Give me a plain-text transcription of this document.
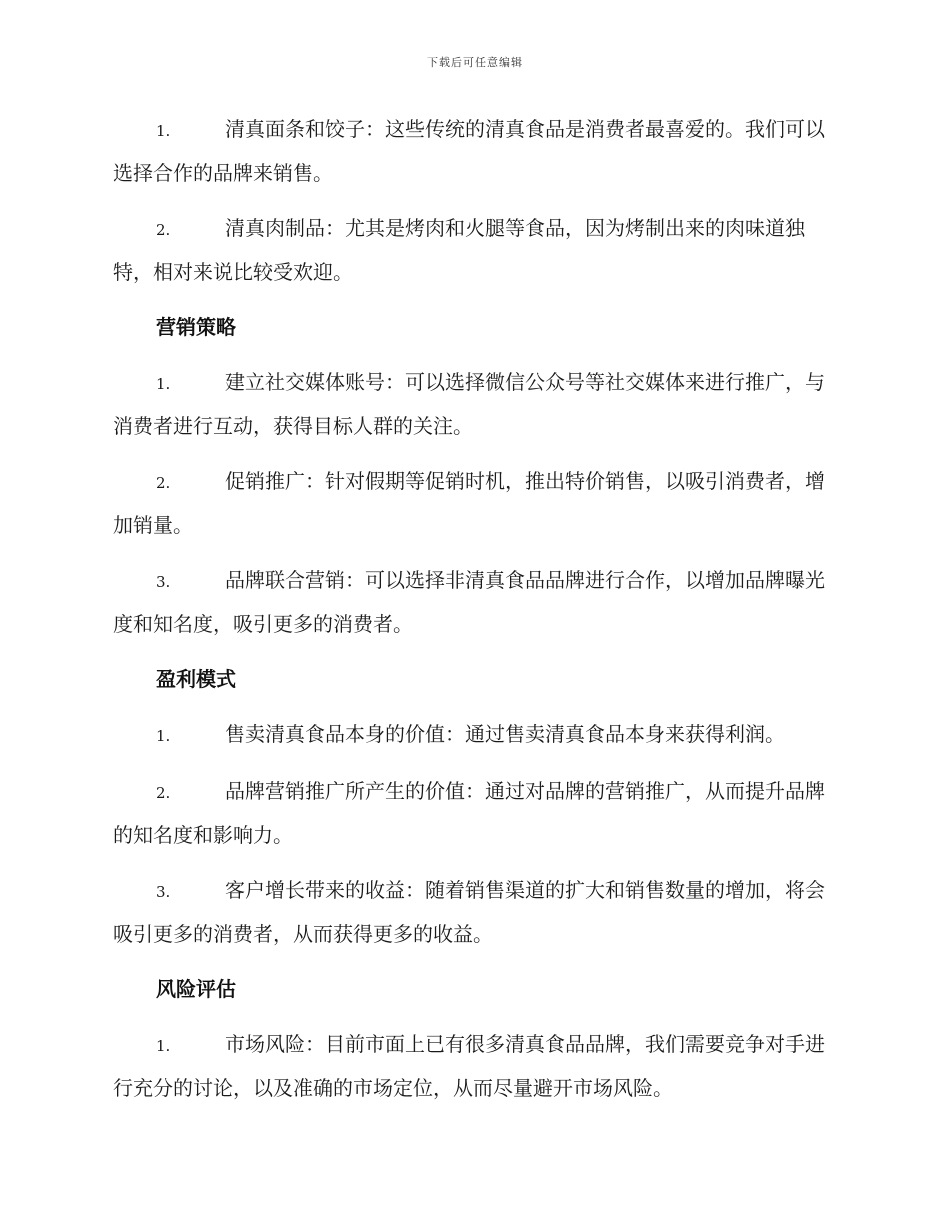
下载后可任意编辑

1.	清真面条和饺子：这些传统的清真食品是消费者最喜爱的。我们可以选择合作的品牌来销售。

2.	清真肉制品：尤其是烤肉和火腿等食品，因为烤制出来的肉味道独特，相对来说比较受欢迎。

营销策略

1.	建立社交媒体账号：可以选择微信公众号等社交媒体来进行推广，与消费者进行互动，获得目标人群的关注。

2.	促销推广：针对假期等促销时机，推出特价销售，以吸引消费者，增加销量。

3.	品牌联合营销：可以选择非清真食品品牌进行合作，以增加品牌曝光度和知名度，吸引更多的消费者。

盈利模式

1.	售卖清真食品本身的价值：通过售卖清真食品本身来获得利润。

2.	品牌营销推广所产生的价值：通过对品牌的营销推广，从而提升品牌的知名度和影响力。

3.	客户增长带来的收益：随着销售渠道的扩大和销售数量的增加，将会吸引更多的消费者，从而获得更多的收益。

风险评估

1.	市场风险：目前市面上已有很多清真食品品牌，我们需要竞争对手进行充分的讨论，以及准确的市场定位，从而尽量避开市场风险。
